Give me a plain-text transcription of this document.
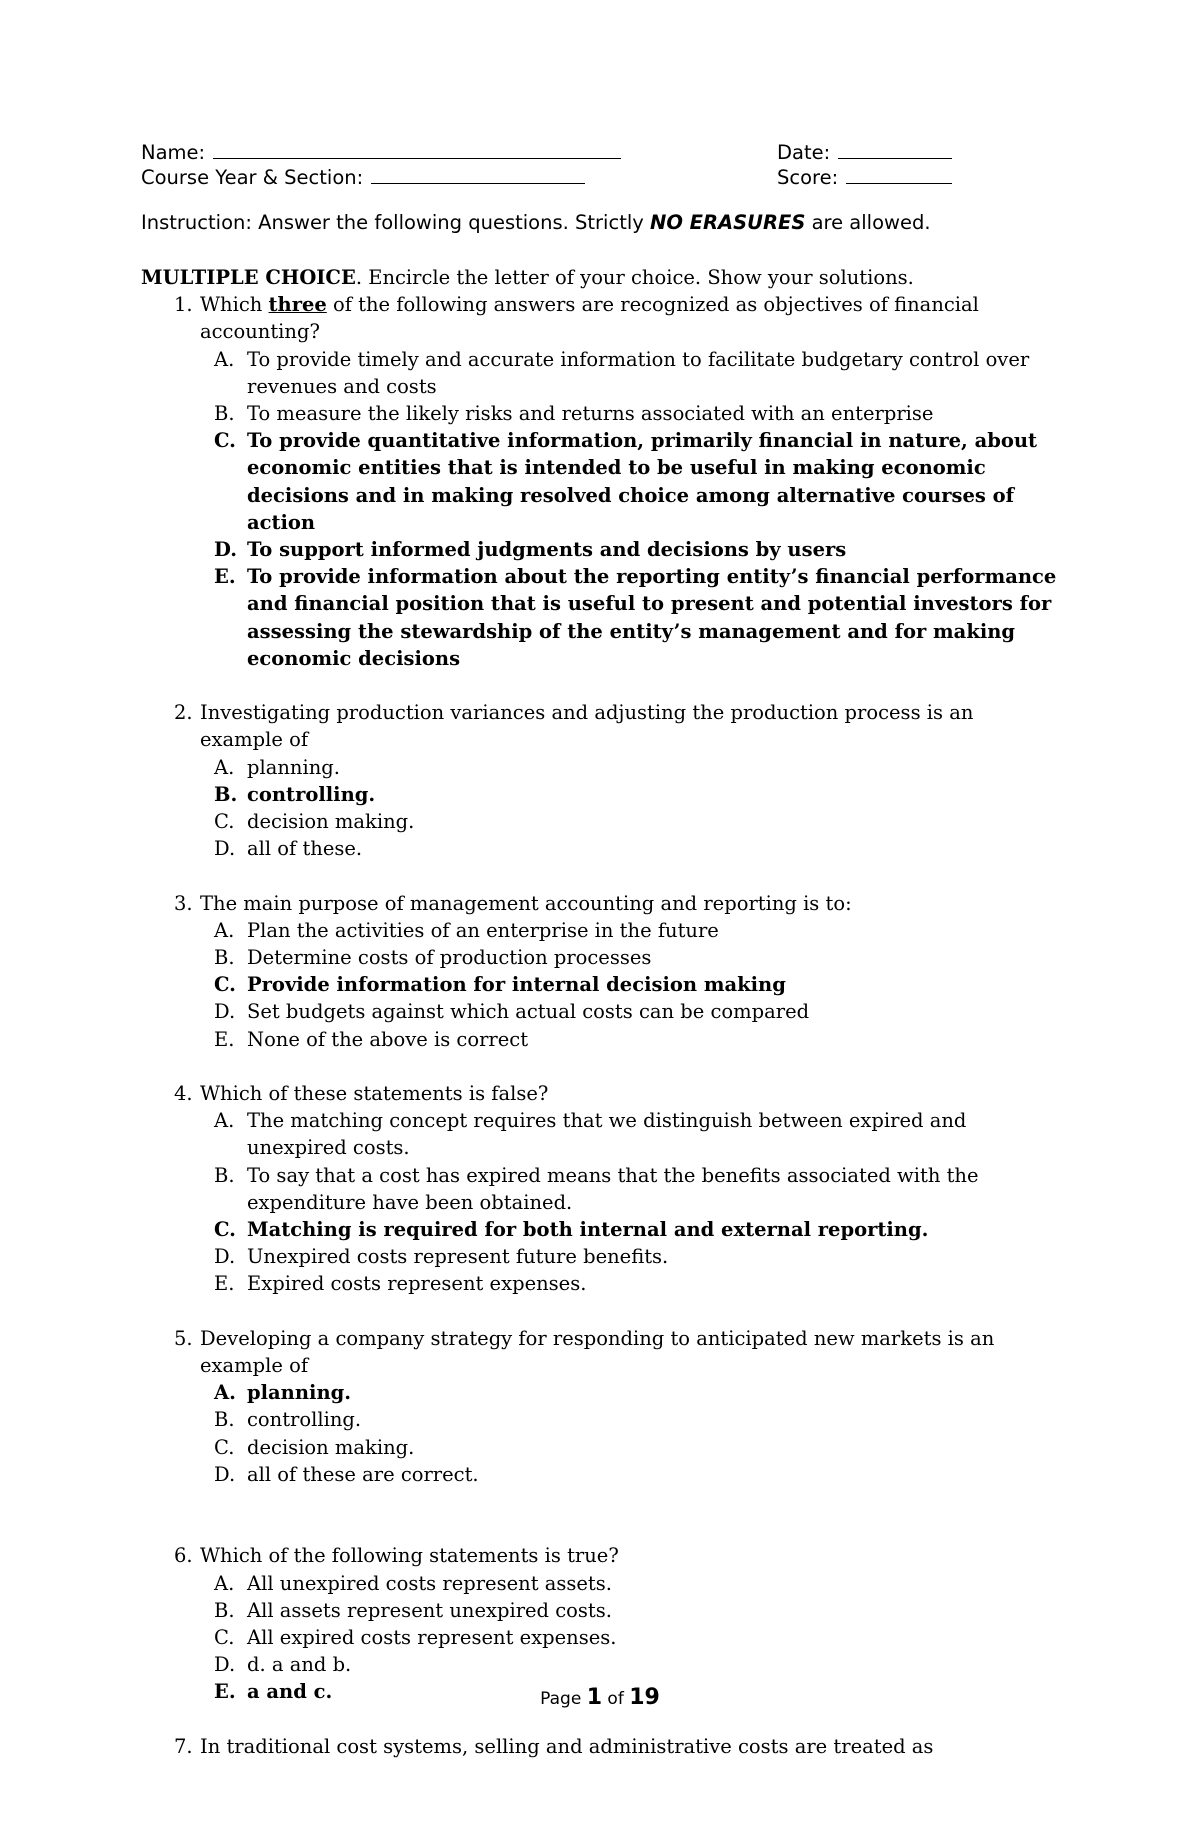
Name:	Date:
Course Year & Section:	Score:
Instruction: Answer the following questions. Strictly NO ERASURES are allowed.
MULTIPLE CHOICE. Encircle the letter of your choice. Show your solutions.
1. Which three of the following answers are recognized as objectives of financial accounting?
A. To provide timely and accurate information to facilitate budgetary control over revenues and costs
B. To measure the likely risks and returns associated with an enterprise
C. To provide quantitative information, primarily financial in nature, about economic entities that is intended to be useful in making economic decisions and in making resolved choice among alternative courses of action
D. To support informed judgments and decisions by users
E. To provide information about the reporting entity’s financial performance and financial position that is useful to present and potential investors for assessing the stewardship of the entity’s management and for making economic decisions
2. Investigating production variances and adjusting the production process is an example of
A. planning.
B. controlling.
C. decision making.
D. all of these.
3. The main purpose of management accounting and reporting is to:
A. Plan the activities of an enterprise in the future
B. Determine costs of production processes
C. Provide information for internal decision making
D. Set budgets against which actual costs can be compared
E. None of the above is correct
4. Which of these statements is false?
A. The matching concept requires that we distinguish between expired and unexpired costs.
B. To say that a cost has expired means that the benefits associated with the expenditure have been obtained.
C. Matching is required for both internal and external reporting.
D. Unexpired costs represent future benefits.
E. Expired costs represent expenses.
5. Developing a company strategy for responding to anticipated new markets is an example of
A. planning.
B. controlling.
C. decision making.
D. all of these are correct.
6. Which of the following statements is true?
A. All unexpired costs represent assets.
B. All assets represent unexpired costs.
C. All expired costs represent expenses.
D. d. a and b.
E. a and c.
7. In traditional cost systems, selling and administrative costs are treated as
Page 1 of 19
